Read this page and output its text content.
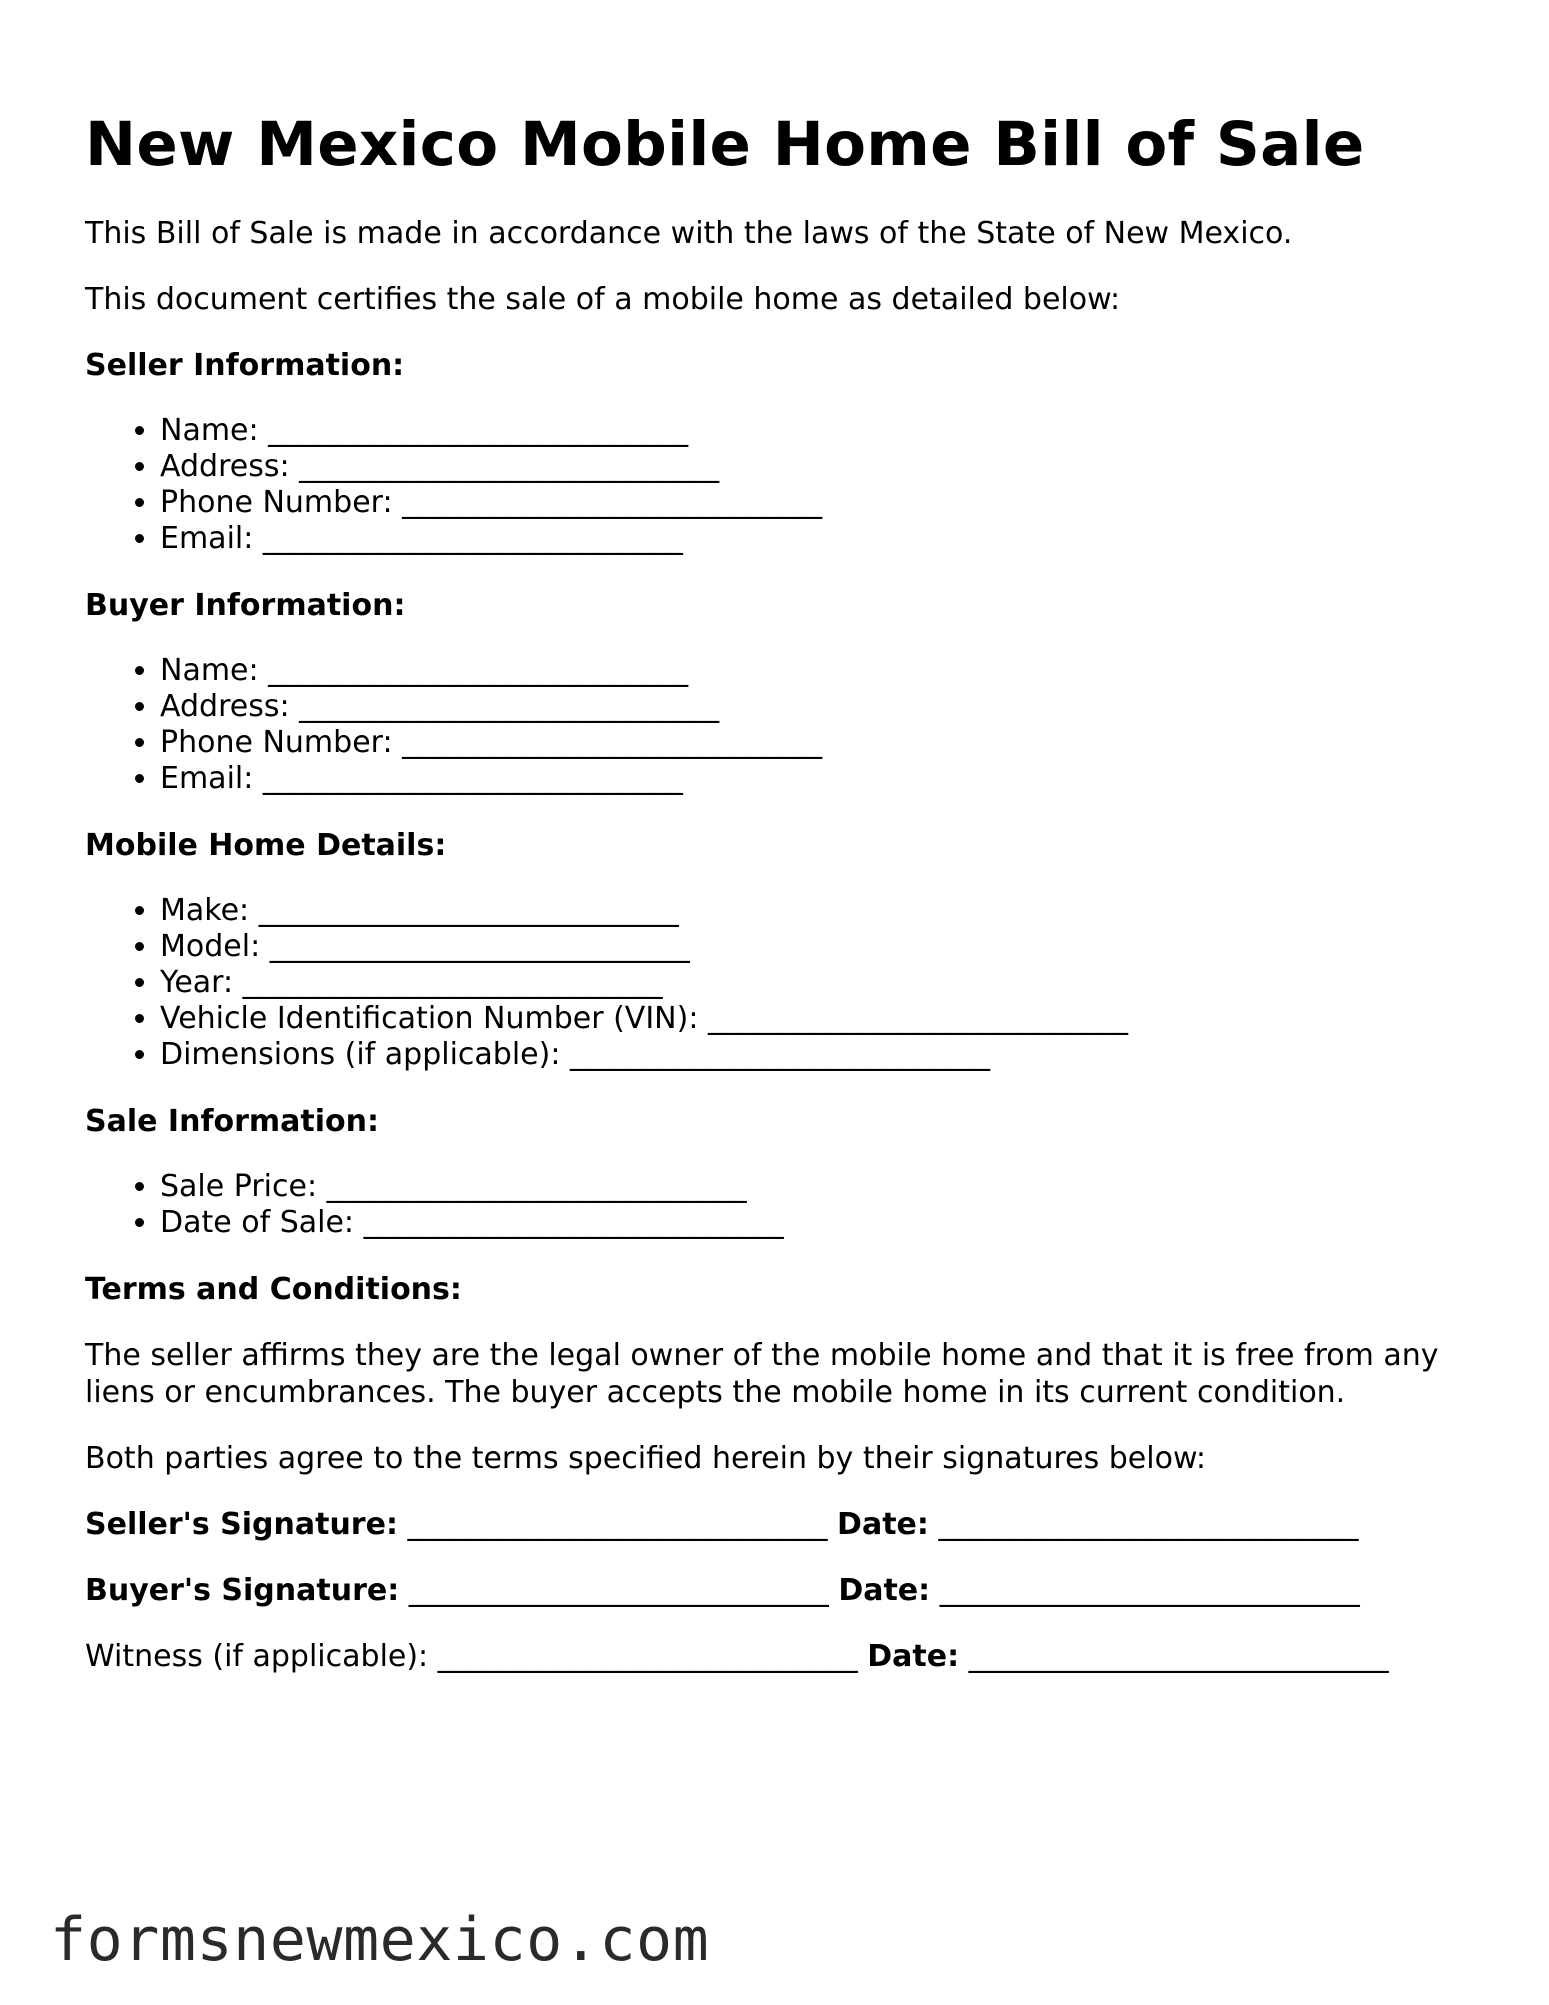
New Mexico Mobile Home Bill of Sale

This Bill of Sale is made in accordance with the laws of the State of New Mexico.

This document certifies the sale of a mobile home as detailed below:

Seller Information:
• Name: ____________________________
• Address: ____________________________
• Phone Number: ____________________________
• Email: ____________________________
Buyer Information:
• Name: ____________________________
• Address: ____________________________
• Phone Number: ____________________________
• Email: ____________________________
Mobile Home Details:
• Make: ____________________________
• Model: ____________________________
• Year: ____________________________
• Vehicle Identification Number (VIN): ____________________________
• Dimensions (if applicable): ____________________________
Sale Information:
• Sale Price: ____________________________
• Date of Sale: ____________________________
Terms and Conditions:

The seller affirms they are the legal owner of the mobile home and that it is free from any liens or encumbrances. The buyer accepts the mobile home in its current condition.

Both parties agree to the terms specified herein by their signatures below:

Seller's Signature: ____________________________ Date: ____________________________
Buyer's Signature: ____________________________ Date: ____________________________
Witness (if applicable): ____________________________ Date: ____________________________
formsnewmexico.com
